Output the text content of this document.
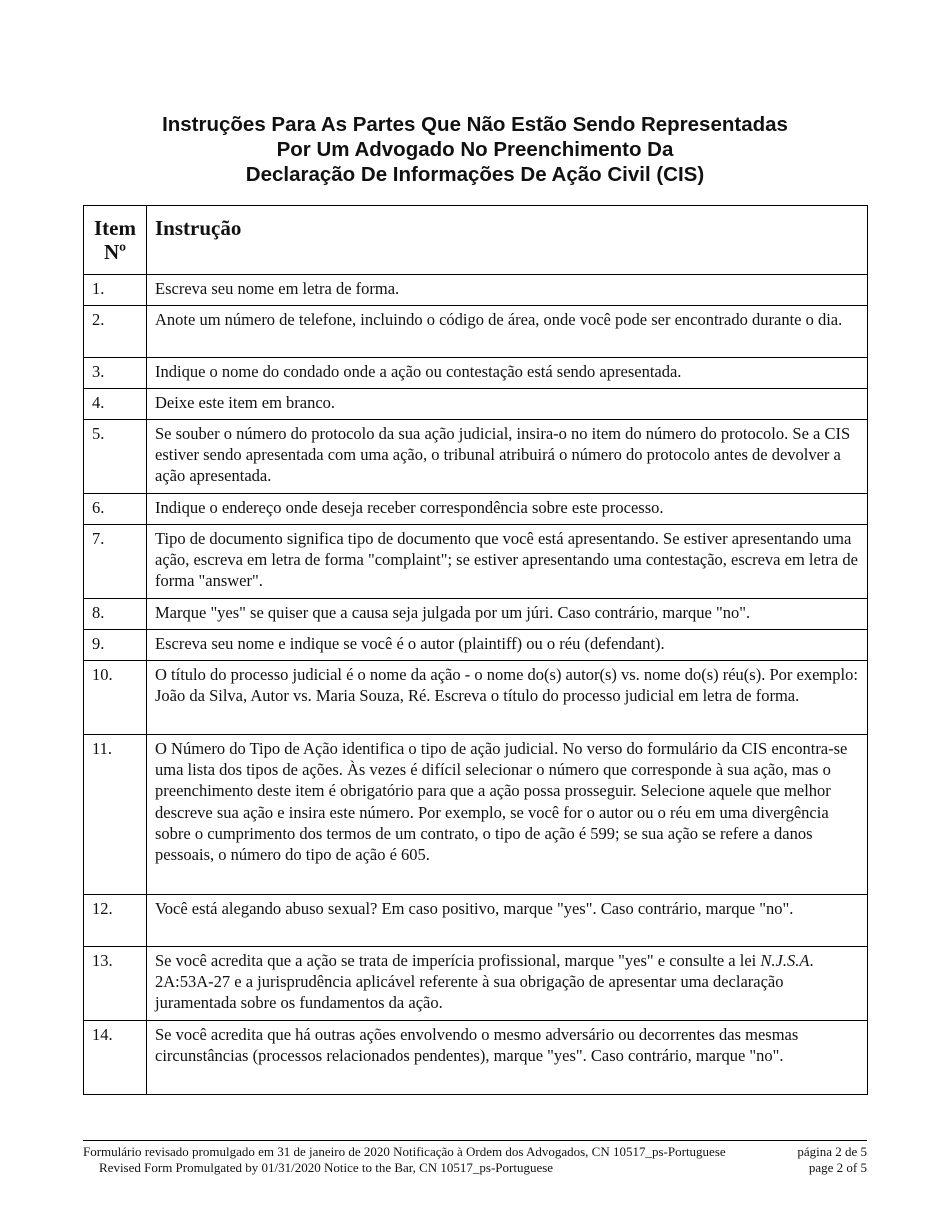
Instruções Para As Partes Que Não Estão Sendo Representadas
Por Um Advogado No Preenchimento Da
Declaração De Informações De Ação Civil (CIS)
Item
Nº	Instrução
1.	Escreva seu nome em letra de forma.
2.	Anote um número de telefone, incluindo o código de área, onde você pode ser encontrado durante o dia.
3.	Indique o nome do condado onde a ação ou contestação está sendo apresentada.
4.	Deixe este item em branco.
5.	Se souber o número do protocolo da sua ação judicial, insira-o no item do número do protocolo. Se a CIS estiver sendo apresentada com uma ação, o tribunal atribuirá o número do protocolo antes de devolver a ação apresentada.
6.	Indique o endereço onde deseja receber correspondência sobre este processo.
7.	Tipo de documento significa tipo de documento que você está apresentando. Se estiver apresentando uma ação, escreva em letra de forma "complaint"; se estiver apresentando uma contestação, escreva em letra de forma "answer".
8.	Marque "yes" se quiser que a causa seja julgada por um júri. Caso contrário, marque "no".
9.	Escreva seu nome e indique se você é o autor (plaintiff) ou o réu (defendant).
10.	O título do processo judicial é o nome da ação - o nome do(s) autor(s) vs. nome do(s) réu(s). Por exemplo: João da Silva, Autor vs. Maria Souza, Ré. Escreva o título do processo judicial em letra de forma.
11.	O Número do Tipo de Ação identifica o tipo de ação judicial. No verso do formulário da CIS encontra-se uma lista dos tipos de ações. Às vezes é difícil selecionar o número que corresponde à sua ação, mas o preenchimento deste item é obrigatório para que a ação possa prosseguir. Selecione aquele que melhor descreve sua ação e insira este número. Por exemplo, se você for o autor ou o réu em uma divergência sobre o cumprimento dos termos de um contrato, o tipo de ação é 599; se sua ação se refere a danos pessoais, o número do tipo de ação é 605.
12.	Você está alegando abuso sexual? Em caso positivo, marque "yes". Caso contrário, marque "no".
13.	Se você acredita que a ação se trata de imperícia profissional, marque "yes" e consulte a lei N.J.S.A. 2A:53A-27 e a jurisprudência aplicável referente à sua obrigação de apresentar uma declaração juramentada sobre os fundamentos da ação.
14.	Se você acredita que há outras ações envolvendo o mesmo adversário ou decorrentes das mesmas circunstâncias (processos relacionados pendentes), marque "yes". Caso contrário, marque "no".
Formulário revisado promulgado em 31 de janeiro de 2020 Notificação à Ordem dos Advogados, CN 10517_ps-Portuguese	página 2 de 5
Revised Form Promulgated by 01/31/2020 Notice to the Bar, CN 10517_ps-Portuguese	page 2 of 5
